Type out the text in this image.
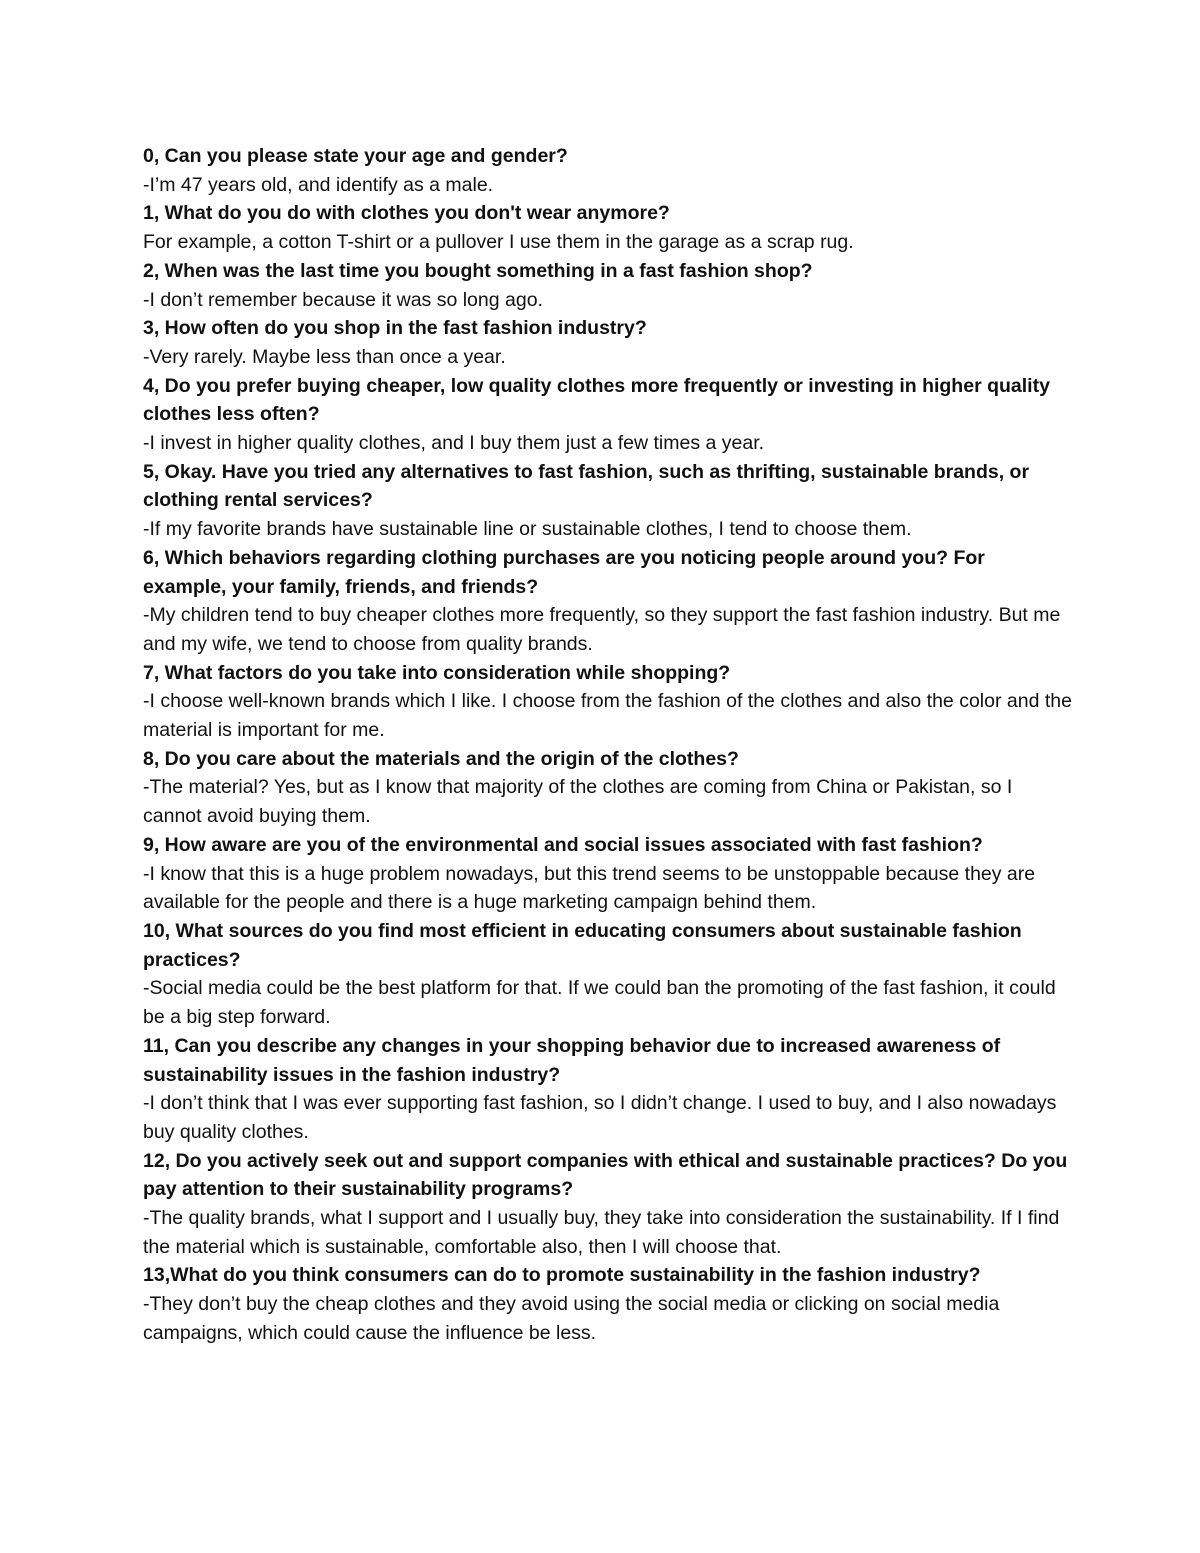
0, Can you please state your age and gender?

-I’m 47 years old, and identify as a male.

1, What do you do with clothes you don't wear anymore?

For example, a cotton T-shirt or a pullover I use them in the garage as a scrap rug.

2, When was the last time you bought something in a fast fashion shop?

-I don’t remember because it was so long ago.

3, How often do you shop in the fast fashion industry?

-Very rarely. Maybe less than once a year.

4, Do you prefer buying cheaper, low quality clothes more frequently or investing in higher quality clothes less often?

-I invest in higher quality clothes, and I buy them just a few times a year.

5, Okay. Have you tried any alternatives to fast fashion, such as thrifting, sustainable brands, or clothing rental services?

-If my favorite brands have sustainable line or sustainable clothes, I tend to choose them.

6, Which behaviors regarding clothing purchases are you noticing people around you? For example, your family, friends, and friends?

-My children tend to buy cheaper clothes more frequently, so they support the fast fashion industry. But me and my wife, we tend to choose from quality brands.

7, What factors do you take into consideration while shopping?

-I choose well-known brands which I like. I choose from the fashion of the clothes and also the color and the material is important for me.

8, Do you care about the materials and the origin of the clothes?

-The material? Yes, but as I know that majority of the clothes are coming from China or Pakistan, so I cannot avoid buying them.

9, How aware are you of the environmental and social issues associated with fast fashion?

-I know that this is a huge problem nowadays, but this trend seems to be unstoppable because they are available for the people and there is a huge marketing campaign behind them.

10, What sources do you find most efficient in educating consumers about sustainable fashion practices?

-Social media could be the best platform for that. If we could ban the promoting of the fast fashion, it could be a big step forward.

11, Can you describe any changes in your shopping behavior due to increased awareness of sustainability issues in the fashion industry?

-I don’t think that I was ever supporting fast fashion, so I didn’t change. I used to buy, and I also nowadays buy quality clothes.

12, Do you actively seek out and support companies with ethical and sustainable practices? Do you pay attention to their sustainability programs?

-The quality brands, what I support and I usually buy, they take into consideration the sustainability. If I find the material which is sustainable, comfortable also, then I will choose that.

13,What do you think consumers can do to promote sustainability in the fashion industry?

-They don’t buy the cheap clothes and they avoid using the social media or clicking on social media campaigns, which could cause the influence be less.
